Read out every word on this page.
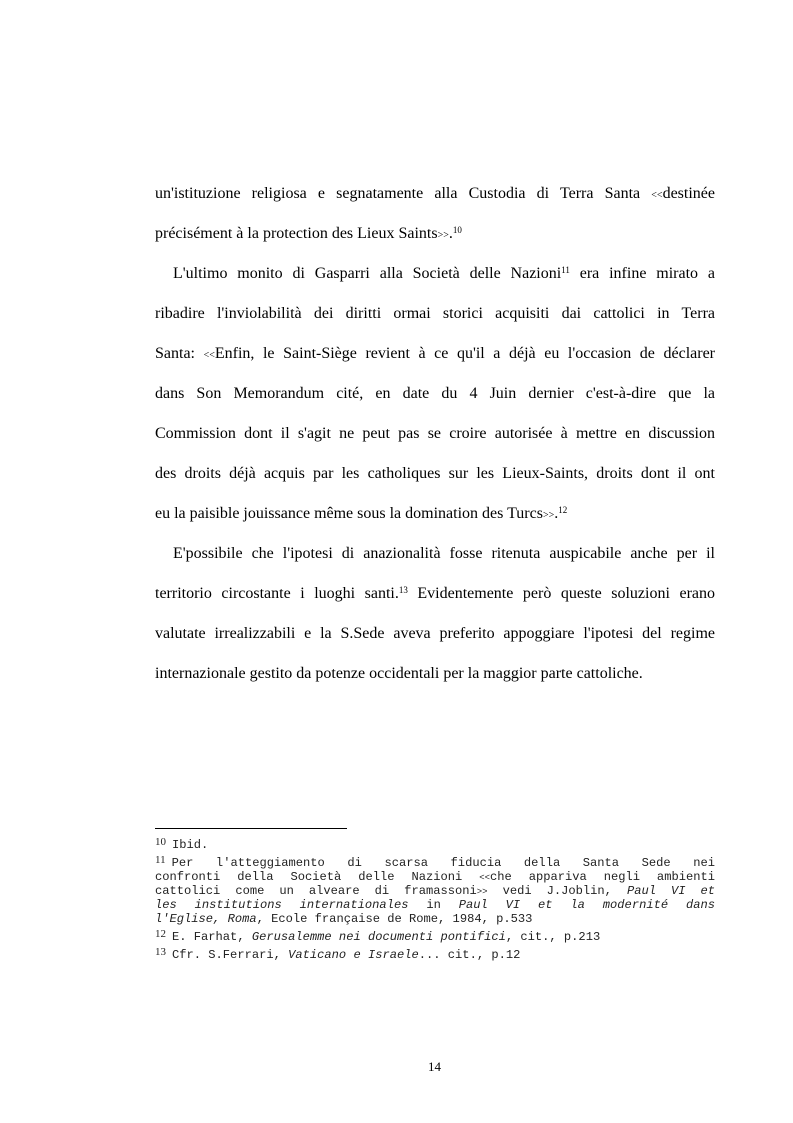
un'istituzione religiosa e segnatamente alla Custodia di Terra Santa <<destinée
précisément à la protection des Lieux Saints>>.$^{10}$
L'ultimo monito di Gasparri alla Società delle Nazioni$^{11}$ era infine mirato a
ribadire l'inviolabilità dei diritti ormai storici acquisiti dai cattolici in Terra
Santa: <<Enfin, le Saint-Siège revient à ce qu'il a déjà eu l'occasion de déclarer
dans Son Memorandum cité, en date du 4 Juin dernier c'est-à-dire que la
Commission dont il s'agit ne peut pas se croire autorisée à mettre en discussion
des droits déjà acquis par les catholiques sur les Lieux-Saints, droits dont il ont
eu la paisible jouissance même sous la domination des Turcs>>.$^{12}$
E'possibile che l'ipotesi di anazionalità fosse ritenuta auspicabile anche per il
territorio circostante i luoghi santi.$^{13}$ Evidentemente però queste soluzioni erano
valutate irrealizzabili e la S.Sede aveva preferito appoggiare l'ipotesi del regime
internazionale gestito da potenze occidentali per la maggior parte cattoliche.
10 Ibid.
11 Per l'atteggiamento di scarsa fiducia della Santa Sede nei
confronti della Società delle Nazioni <<che appariva negli ambienti
cattolici come un alveare di framassoni>> vedi J.Joblin, Paul VI et
les institutions internationales in Paul VI et la modernité dans
l'Eglise, Roma, Ecole française de Rome, 1984, p.533
12 E. Farhat, Gerusalemme nei documenti pontifici, cit., p.213
13 Cfr. S.Ferrari, Vaticano e Israele... cit., p.12
14
